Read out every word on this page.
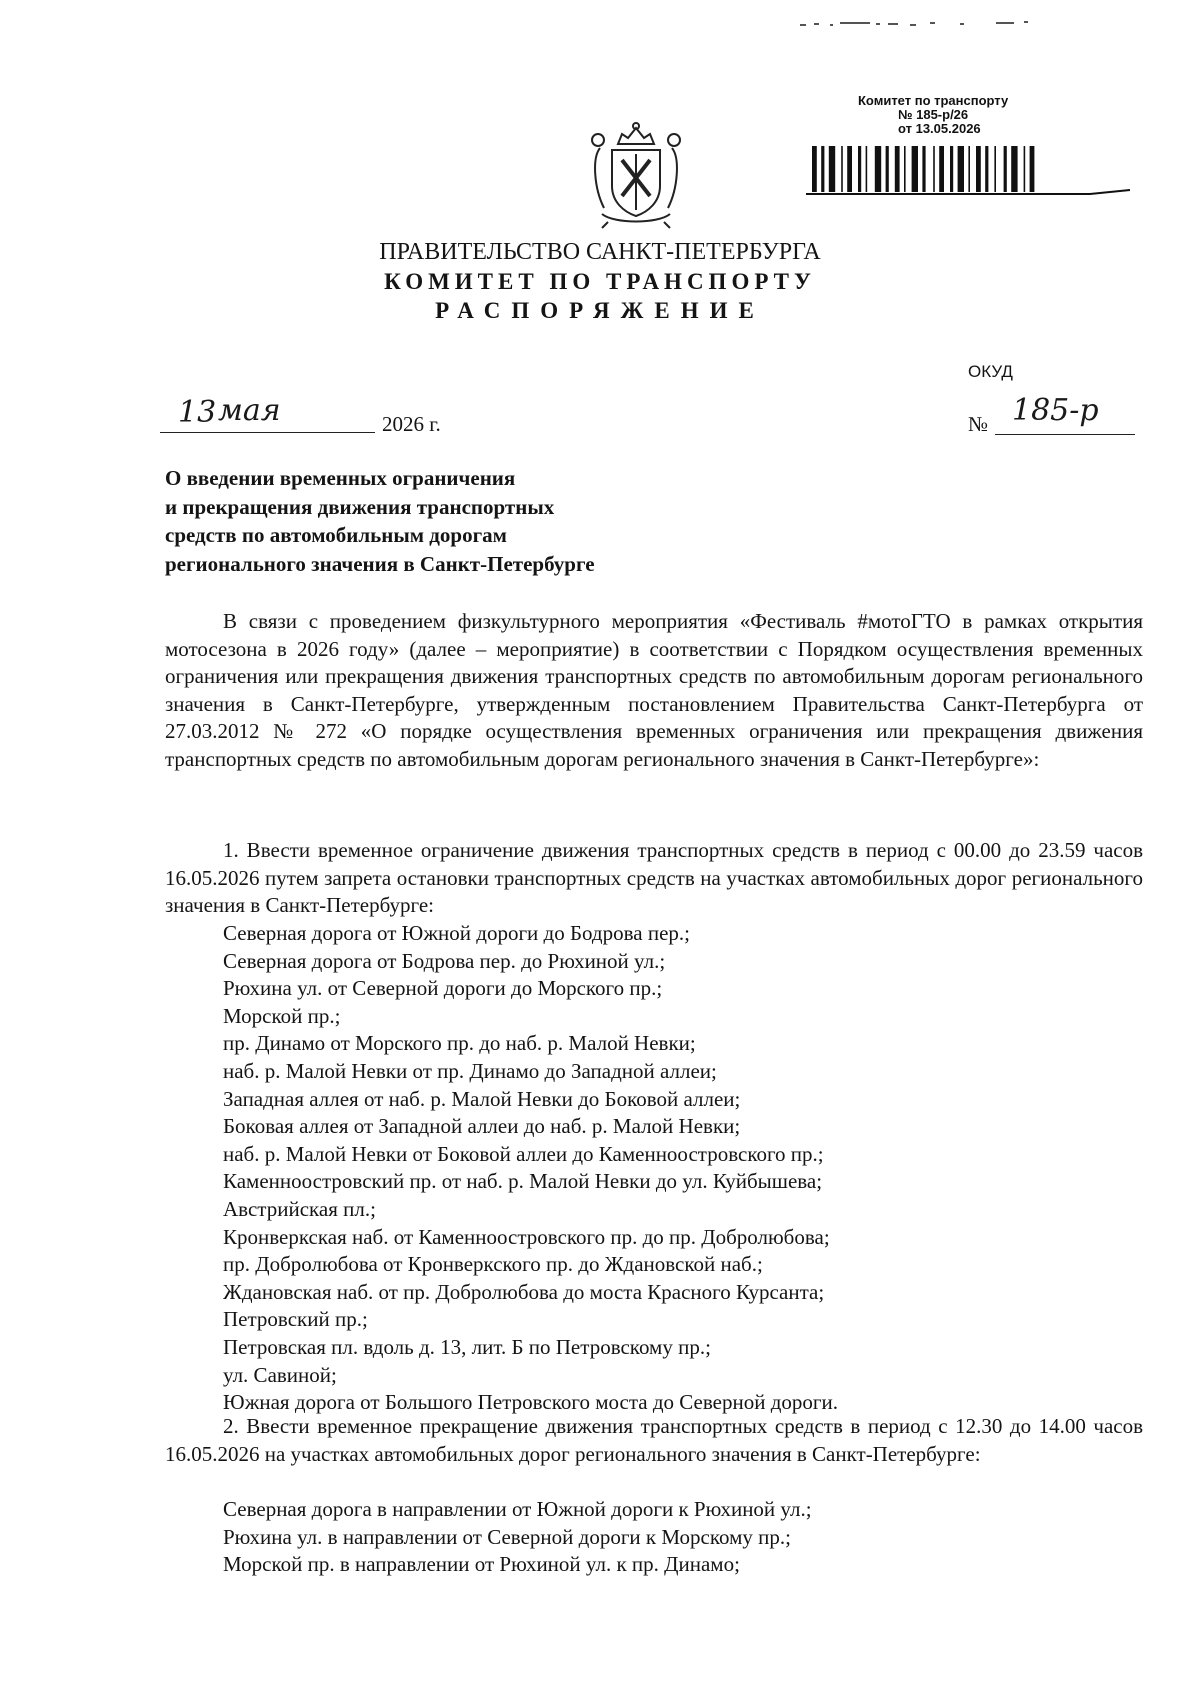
Комитет по транспорту
№ 185-р/26
от 13.05.2026
ПРАВИТЕЛЬСТВО САНКТ-ПЕТЕРБУРГА
КОМИТЕТ ПО ТРАНСПОРТУ
РАСПОРЯЖЕНИЕ
ОКУД
13 мая	2026 г.	№ 185-р
О введении временных ограничения
и прекращения движения транспортных
средств по автомобильным дорогам
регионального значения в Санкт-Петербурге
В связи с проведением физкультурного мероприятия «Фестиваль #мотоГТО в рамках открытия мотосезона в 2026 году» (далее – мероприятие) в соответствии с Порядком осуществления временных ограничения или прекращения движения транспортных средств по автомобильным дорогам регионального значения в Санкт-Петербурге, утвержденным постановлением Правительства Санкт-Петербурга от 27.03.2012 № 272 «О порядке осуществления временных ограничения или прекращения движения транспортных средств по автомобильным дорогам регионального значения в Санкт-Петербурге»:
1. Ввести временное ограничение движения транспортных средств в период с 00.00 до 23.59 часов 16.05.2026 путем запрета остановки транспортных средств на участках автомобильных дорог регионального значения в Санкт-Петербурге:
Северная дорога от Южной дороги до Бодрова пер.;
Северная дорога от Бодрова пер. до Рюхиной ул.;
Рюхина ул. от Северной дороги до Морского пр.;
Морской пр.;
пр. Динамо от Морского пр. до наб. р. Малой Невки;
наб. р. Малой Невки от пр. Динамо до Западной аллеи;
Западная аллея от наб. р. Малой Невки до Боковой аллеи;
Боковая аллея от Западной аллеи до наб. р. Малой Невки;
наб. р. Малой Невки от Боковой аллеи до Каменноостровского пр.;
Каменноостровский пр. от наб. р. Малой Невки до ул. Куйбышева;
Австрийская пл.;
Кронверкская наб. от Каменноостровского пр. до пр. Добролюбова;
пр. Добролюбова от Кронверкского пр. до Ждановской наб.;
Ждановская наб. от пр. Добролюбова до моста Красного Курсанта;
Петровский пр.;
Петровская пл. вдоль д. 13, лит. Б по Петровскому пр.;
ул. Савиной;
Южная дорога от Большого Петровского моста до Северной дороги.
2. Ввести временное прекращение движения транспортных средств в период с 12.30 до 14.00 часов 16.05.2026 на участках автомобильных дорог регионального значения в Санкт-Петербурге:
Северная дорога в направлении от Южной дороги к Рюхиной ул.;
Рюхина ул. в направлении от Северной дороги к Морскому пр.;
Морской пр. в направлении от Рюхиной ул. к пр. Динамо;
